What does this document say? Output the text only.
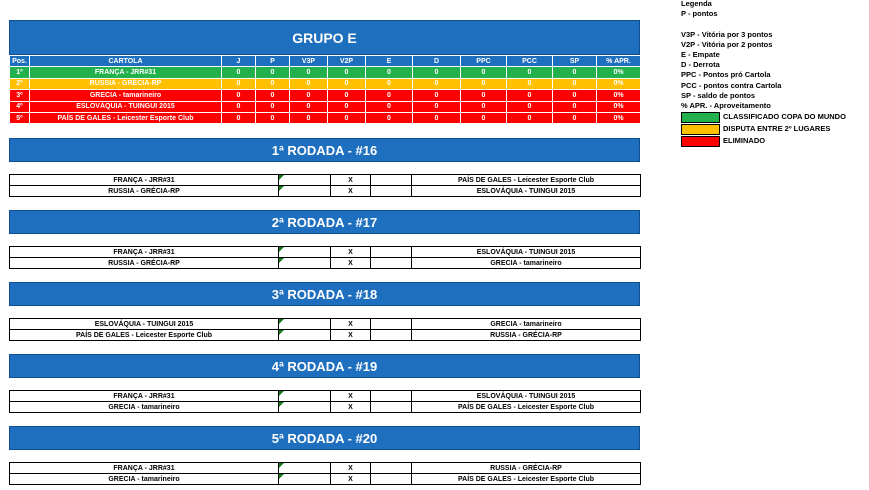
GRUPO E
Pos.	CARTOLA	J	P	V3P	V2P	E	D	PPC	PCC	SP	% APR.
1º	FRANÇA - JRR#31	0	0	0	0	0	0	0	0	0	0%
2º	RUSSIA - GRÉCIA-RP	0	0	0	0	0	0	0	0	0	0%
3º	GRECIA - tamarineiro	0	0	0	0	0	0	0	0	0	0%
4º	ESLOVÁQUIA - TUINGUI 2015	0	0	0	0	0	0	0	0	0	0%
5º	PAÍS DE GALES - Leicester Esporte Club	0	0	0	0	0	0	0	0	0	0%
1ª RODADA - #16
FRANÇA - JRR#31		X		PAÍS DE GALES - Leicester Esporte Club
RUSSIA - GRÉCIA-RP		X		ESLOVÁQUIA - TUINGUI 2015
2ª RODADA - #17
FRANÇA - JRR#31		X		ESLOVÁQUIA - TUINGUI 2015
RUSSIA - GRÉCIA-RP		X		GRECIA - tamarineiro
3ª RODADA - #18
ESLOVÁQUIA - TUINGUI 2015		X		GRECIA - tamarineiro
PAÍS DE GALES - Leicester Esporte Club		X		RUSSIA - GRÉCIA-RP
4ª RODADA - #19
FRANÇA - JRR#31		X		ESLOVÁQUIA - TUINGUI 2015
GRECIA - tamarineiro		X		PAÍS DE GALES - Leicester Esporte Club
5ª RODADA - #20
FRANÇA - JRR#31		X		RUSSIA - GRÉCIA-RP
GRECIA - tamarineiro		X		PAÍS DE GALES - Leicester Esporte Club
Legenda
P - pontos
V3P - Vitória por 3 pontos
V2P - Vitória por 2 pontos
E - Empate
D - Derrota
PPC - Pontos pró Cartola
PCC - pontos contra Cartola
SP - saldo de pontos
% APR. - Aproveitamento
CLASSIFICADO COPA DO MUNDO
DISPUTA ENTRE 2º LUGARES
ELIMINADO
